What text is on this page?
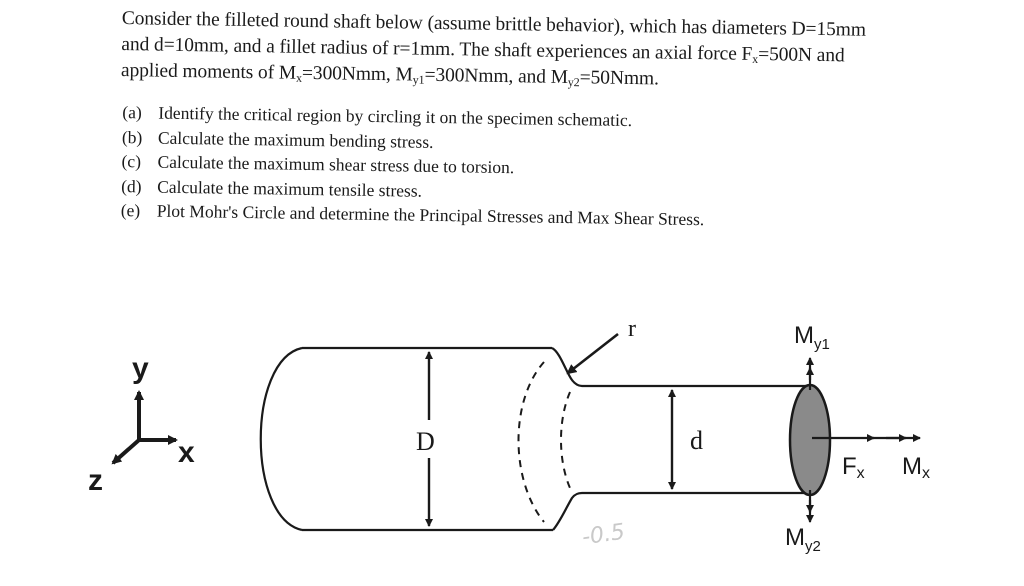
Consider the filleted round shaft below (assume brittle behavior), which has diameters D=15mm
and d=10mm, and a fillet radius of r=1mm. The shaft experiences an axial force $F_x=500N$ and
applied moments of $M_x=300Nmm$, $M_{y1}=300Nmm$, and $M_{y2}=50Nmm$.

(a) Identify the critical region by circling it on the specimen schematic.
(b) Calculate the maximum bending stress.
(c) Calculate the maximum shear stress due to torsion.
(d) Calculate the maximum tensile stress.
(e) Plot Mohr's Circle and determine the Principal Stresses and Max Shear Stress.
y
x
z
D	d
r	$M_{y1}$
$M_{y2}$
Fx Mx
-0.5
